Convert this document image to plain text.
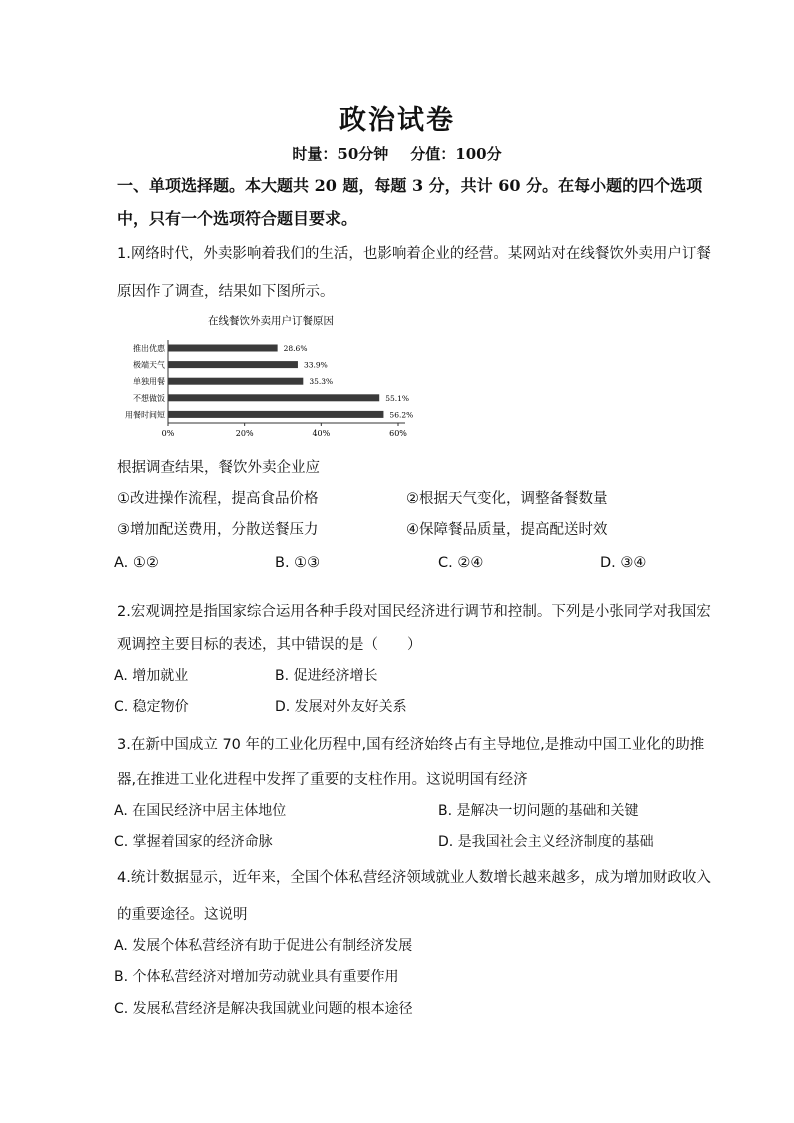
政治试卷
时量：50分钟 分值：100分
一、单项选择题。本大题共 20 题，每题 3 分，共计 60 分。在每小题的四个选项
中，只有一个选项符合题目要求。
1.网络时代，外卖影响着我们的生活，也影响着企业的经营。某网站对在线餐饮外卖用户订餐
原因作了调查，结果如下图所示。
在线餐饮外卖用户订餐原因
推出优惠	28.6%
极端天气	33.9%
单独用餐	35.3%
不想做饭	55.1%
用餐时间短	56.2%
0%	20%	40%	60%
根据调查结果，餐饮外卖企业应
①改进操作流程，提高食品价格	②根据天气变化，调整备餐数量
③增加配送费用，分散送餐压力	④保障餐品质量，提高配送时效
A. ①②	B. ①③	C. ②④	D. ③④
2.宏观调控是指国家综合运用各种手段对国民经济进行调节和控制。下列是小张同学对我国宏
观调控主要目标的表述，其中错误的是（　　）
A. 增加就业	B. 促进经济增长
C. 稳定物价	D. 发展对外友好关系
3.在新中国成立 70 年的工业化历程中,国有经济始终占有主导地位,是推动中国工业化的助推
器,在推进工业化进程中发挥了重要的支柱作用。这说明国有经济
A. 在国民经济中居主体地位	B. 是解决一切问题的基础和关键
C. 掌握着国家的经济命脉	D. 是我国社会主义经济制度的基础
4.统计数据显示，近年来，全国个体私营经济领域就业人数增长越来越多，成为增加财政收入
的重要途径。这说明
A. 发展个体私营经济有助于促进公有制经济发展
B. 个体私营经济对增加劳动就业具有重要作用
C. 发展私营经济是解决我国就业问题的根本途径
